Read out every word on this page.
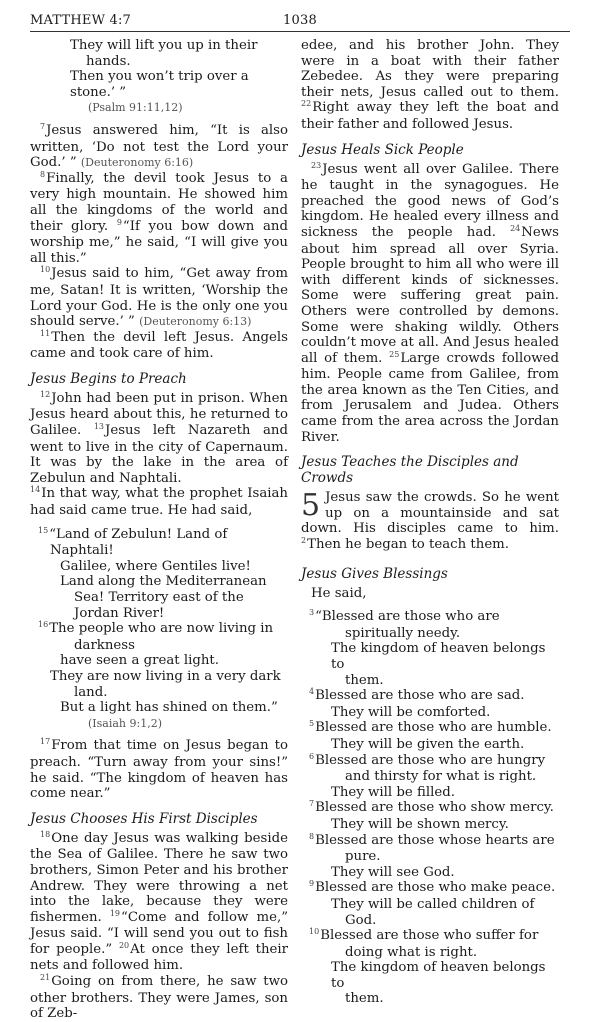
MATTHEW 4:7	1038
They will lift you up in their
hands.
Then you won’t trip over a stone.’ ”
(Psalm 91:11,12)

$^7$Jesus answered him, “It is also written, ‘Do not test the Lord your God.’ ” (Deuteronomy 6:16)

$^8$Finally, the devil took Jesus to a very high mountain. He showed him all the kingdoms of the world and their glory. $^9$“If you bow down and worship me,” he said, “I will give you all this.”

$^{10}$Jesus said to him, “Get away from me, Satan! It is written, ‘Worship the Lord your God. He is the only one you should serve.’ ” (Deuteronomy 6:13)

$^{11}$Then the devil left Jesus. Angels came and took care of him.

Jesus Begins to Preach

$^{12}$John had been put in prison. When Jesus heard about this, he returned to Galilee. $^{13}$Jesus left Nazareth and went to live in the city of Capernaum. It was by the lake in the area of Zebulun and Naphtali.

$^{14}$In that way, what the prophet Isaiah had said came true. He had said,

$^{15}$“Land of Zebulun! Land of Naphtali!
Galilee, where Gentiles live!
Land along the Mediterranean
Sea! Territory east of the
Jordan River!
$^{16}$The people who are now living in
darkness
have seen a great light.
They are now living in a very dark
land.
But a light has shined on them.”
(Isaiah 9:1,2)

$^{17}$From that time on Jesus began to preach. “Turn away from your sins!” he said. “The kingdom of heaven has come near.”

Jesus Chooses His First Disciples

$^{18}$One day Jesus was walking beside the Sea of Galilee. There he saw two brothers, Simon Peter and his brother Andrew. They were throwing a net into the lake, because they were fishermen. $^{19}$“Come and follow me,” Jesus said. “I will send you out to fish for people.” $^{20}$At once they left their nets and followed him.

$^{21}$Going on from there, he saw two other brothers. They were James, son of Zeb-

edee, and his brother John. They were in a boat with their father Zebedee. As they were preparing their nets, Jesus called out to them. $^{22}$Right away they left the boat and their father and followed Jesus.

Jesus Heals Sick People

$^{23}$Jesus went all over Galilee. There he taught in the synagogues. He preached the good news of God’s kingdom. He healed every illness and sickness the people had. $^{24}$News about him spread all over Syria. People brought to him all who were ill with different kinds of sicknesses. Some were suffering great pain. Others were controlled by demons. Some were shaking wildly. Others couldn’t move at all. And Jesus healed all of them. $^{25}$Large crowds followed him. People came from Galilee, from the area known as the Ten Cities, and from Jerusalem and Judea. Others came from the area across the Jordan River.

Jesus Teaches the Disciples and Crowds

5 Jesus saw the crowds. So he went up on a mountainside and sat down. His disciples came to him. $^2$Then he began to teach them.

Jesus Gives Blessings

He said,

$^3$“Blessed are those who are
spiritually needy.
The kingdom of heaven belongs to
them.
$^4$Blessed are those who are sad.
They will be comforted.
$^5$Blessed are those who are humble.
They will be given the earth.
$^6$Blessed are those who are hungry
and thirsty for what is right.
They will be filled.
$^7$Blessed are those who show mercy.
They will be shown mercy.
$^8$Blessed are those whose hearts are
pure.
They will see God.
$^9$Blessed are those who make peace.
They will be called children of
God.
$^{10}$Blessed are those who suffer for
doing what is right.
The kingdom of heaven belongs to
them.
